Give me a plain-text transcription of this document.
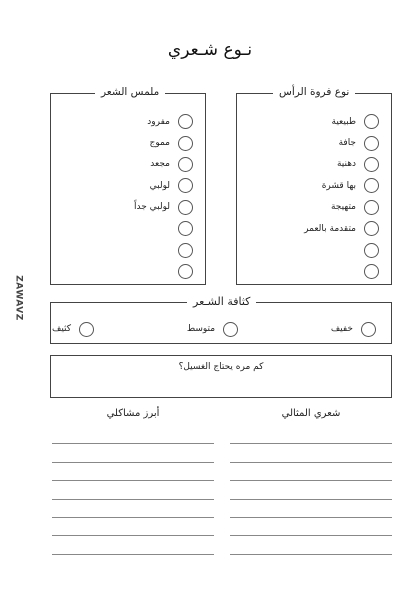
نـوع شـعري
ZAWAVZ
نوع فروة الرأس
طبيعية
جافة
دهنية
بها قشرة
متهيجة
متقدمة بالعمر
ملمس الشعر
مفرود
مموج
مجعد
لولبي
لولبي جداً
كثافة الشـعر
خفيف
متوسط
كثيف
كم مره يحتاج الغسيل؟
شعري المثالي
أبرز مشاكلي
